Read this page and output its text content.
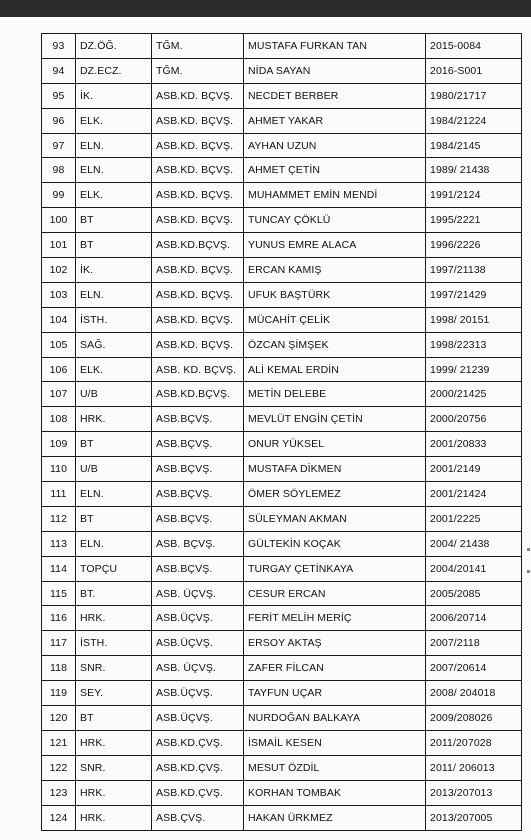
93	DZ.ÖĞ.	TĞM.	MUSTAFA FURKAN TAN	2015-0084
94	DZ.ECZ.	TĞM.	NİDA SAYAN	2016-S001
95	İK.	ASB.KD. BÇVŞ.	NECDET BERBER	1980/21717
96	ELK.	ASB.KD. BÇVŞ.	AHMET YAKAR	1984/21224
97	ELN.	ASB.KD. BÇVŞ.	AYHAN UZUN	1984/2145
98	ELN.	ASB.KD. BÇVŞ.	AHMET ÇETİN	1989/ 21438
99	ELK.	ASB.KD. BÇVŞ.	MUHAMMET EMİN MENDİ	1991/2124
100	BT	ASB.KD. BÇVŞ.	TUNCAY ÇÖKLÜ	1995/2221
101	BT	ASB.KD.BÇVŞ.	YUNUS EMRE ALACA	1996/2226
102	İK.	ASB.KD. BÇVŞ.	ERCAN KAMIŞ	1997/21138
103	ELN.	ASB.KD. BÇVŞ.	UFUK BAŞTÜRK	1997/21429
104	İSTH.	ASB.KD. BÇVŞ.	MÜCAHİT ÇELİK	1998/ 20151
105	SAĞ.	ASB.KD. BÇVŞ.	ÖZCAN ŞİMŞEK	1998/22313
106	ELK.	ASB. KD. BÇVŞ.	ALİ KEMAL ERDİN	1999/ 21239
107	U/B	ASB.KD.BÇVŞ.	METİN DELEBE	2000/21425
108	HRK.	ASB.BÇVŞ.	MEVLÜT ENGİN ÇETİN	2000/20756
109	BT	ASB.BÇVŞ.	ONUR YÜKSEL	2001/20833
110	U/B	ASB.BÇVŞ.	MUSTAFA DİKMEN	2001/2149
111	ELN.	ASB.BÇVŞ.	ÖMER SÖYLEMEZ	2001/21424
112	BT	ASB.BÇVŞ.	SÜLEYMAN AKMAN	2001/2225
113	ELN.	ASB. BÇVŞ.	GÜLTEKİN KOÇAK	2004/ 21438
114	TOPÇU	ASB.BÇVŞ.	TURGAY ÇETİNKAYA	2004/20141
115	BT.	ASB. ÜÇVŞ.	CESUR ERCAN	2005/2085
116	HRK.	ASB.ÜÇVŞ.	FERİT MELİH MERİÇ	2006/20714
117	İSTH.	ASB.ÜÇVŞ.	ERSOY AKTAŞ	2007/2118
118	SNR.	ASB. ÜÇVŞ.	ZAFER FİLCAN	2007/20614
119	SEY.	ASB.ÜÇVŞ.	TAYFUN UÇAR	2008/ 204018
120	BT	ASB.ÜÇVŞ.	NURDOĞAN BALKAYA	2009/208026
121	HRK.	ASB.KD.ÇVŞ.	İSMAİL KESEN	2011/207028
122	SNR.	ASB.KD.ÇVŞ.	MESUT ÖZDİL	2011/ 206013
123	HRK.	ASB.KD.ÇVŞ.	KORHAN TOMBAK	2013/207013
124	HRK.	ASB.ÇVŞ.	HAKAN ÜRKMEZ	2013/207005
